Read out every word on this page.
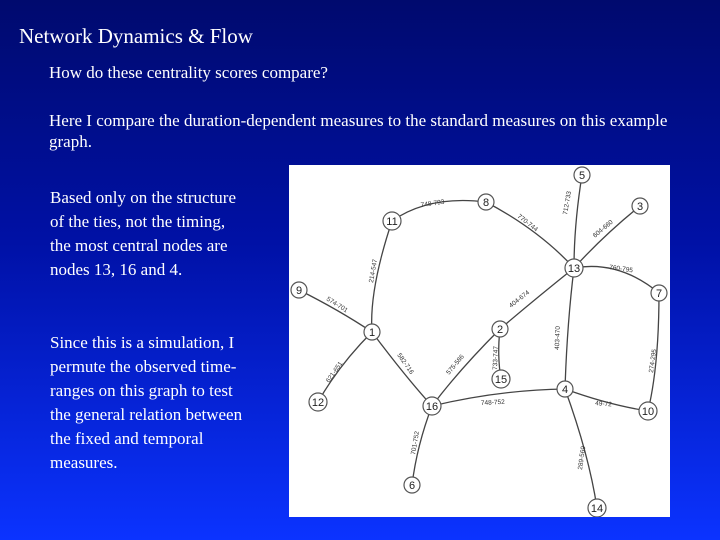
Network Dynamics & Flow
How do these centrality scores compare?
Here I compare the duration-dependent measures to the standard measures on this example graph.
Based only on the structure of the ties, not the timing, the most central nodes are nodes 13, 16 and 4.
Since this is a simulation, I permute the observed time-ranges on this graph to test the general relation between the fixed and temporal measures.
748-793	712-733
770-744	604-660
214-547	760-795
574-701	404-674
403-470
733-747
621-651	582-716	575-586	274-295
748-752	49-72
701-752
289-569
5
8	3
11
13
9	7
2
1
15
4
12	16	10
6
14
